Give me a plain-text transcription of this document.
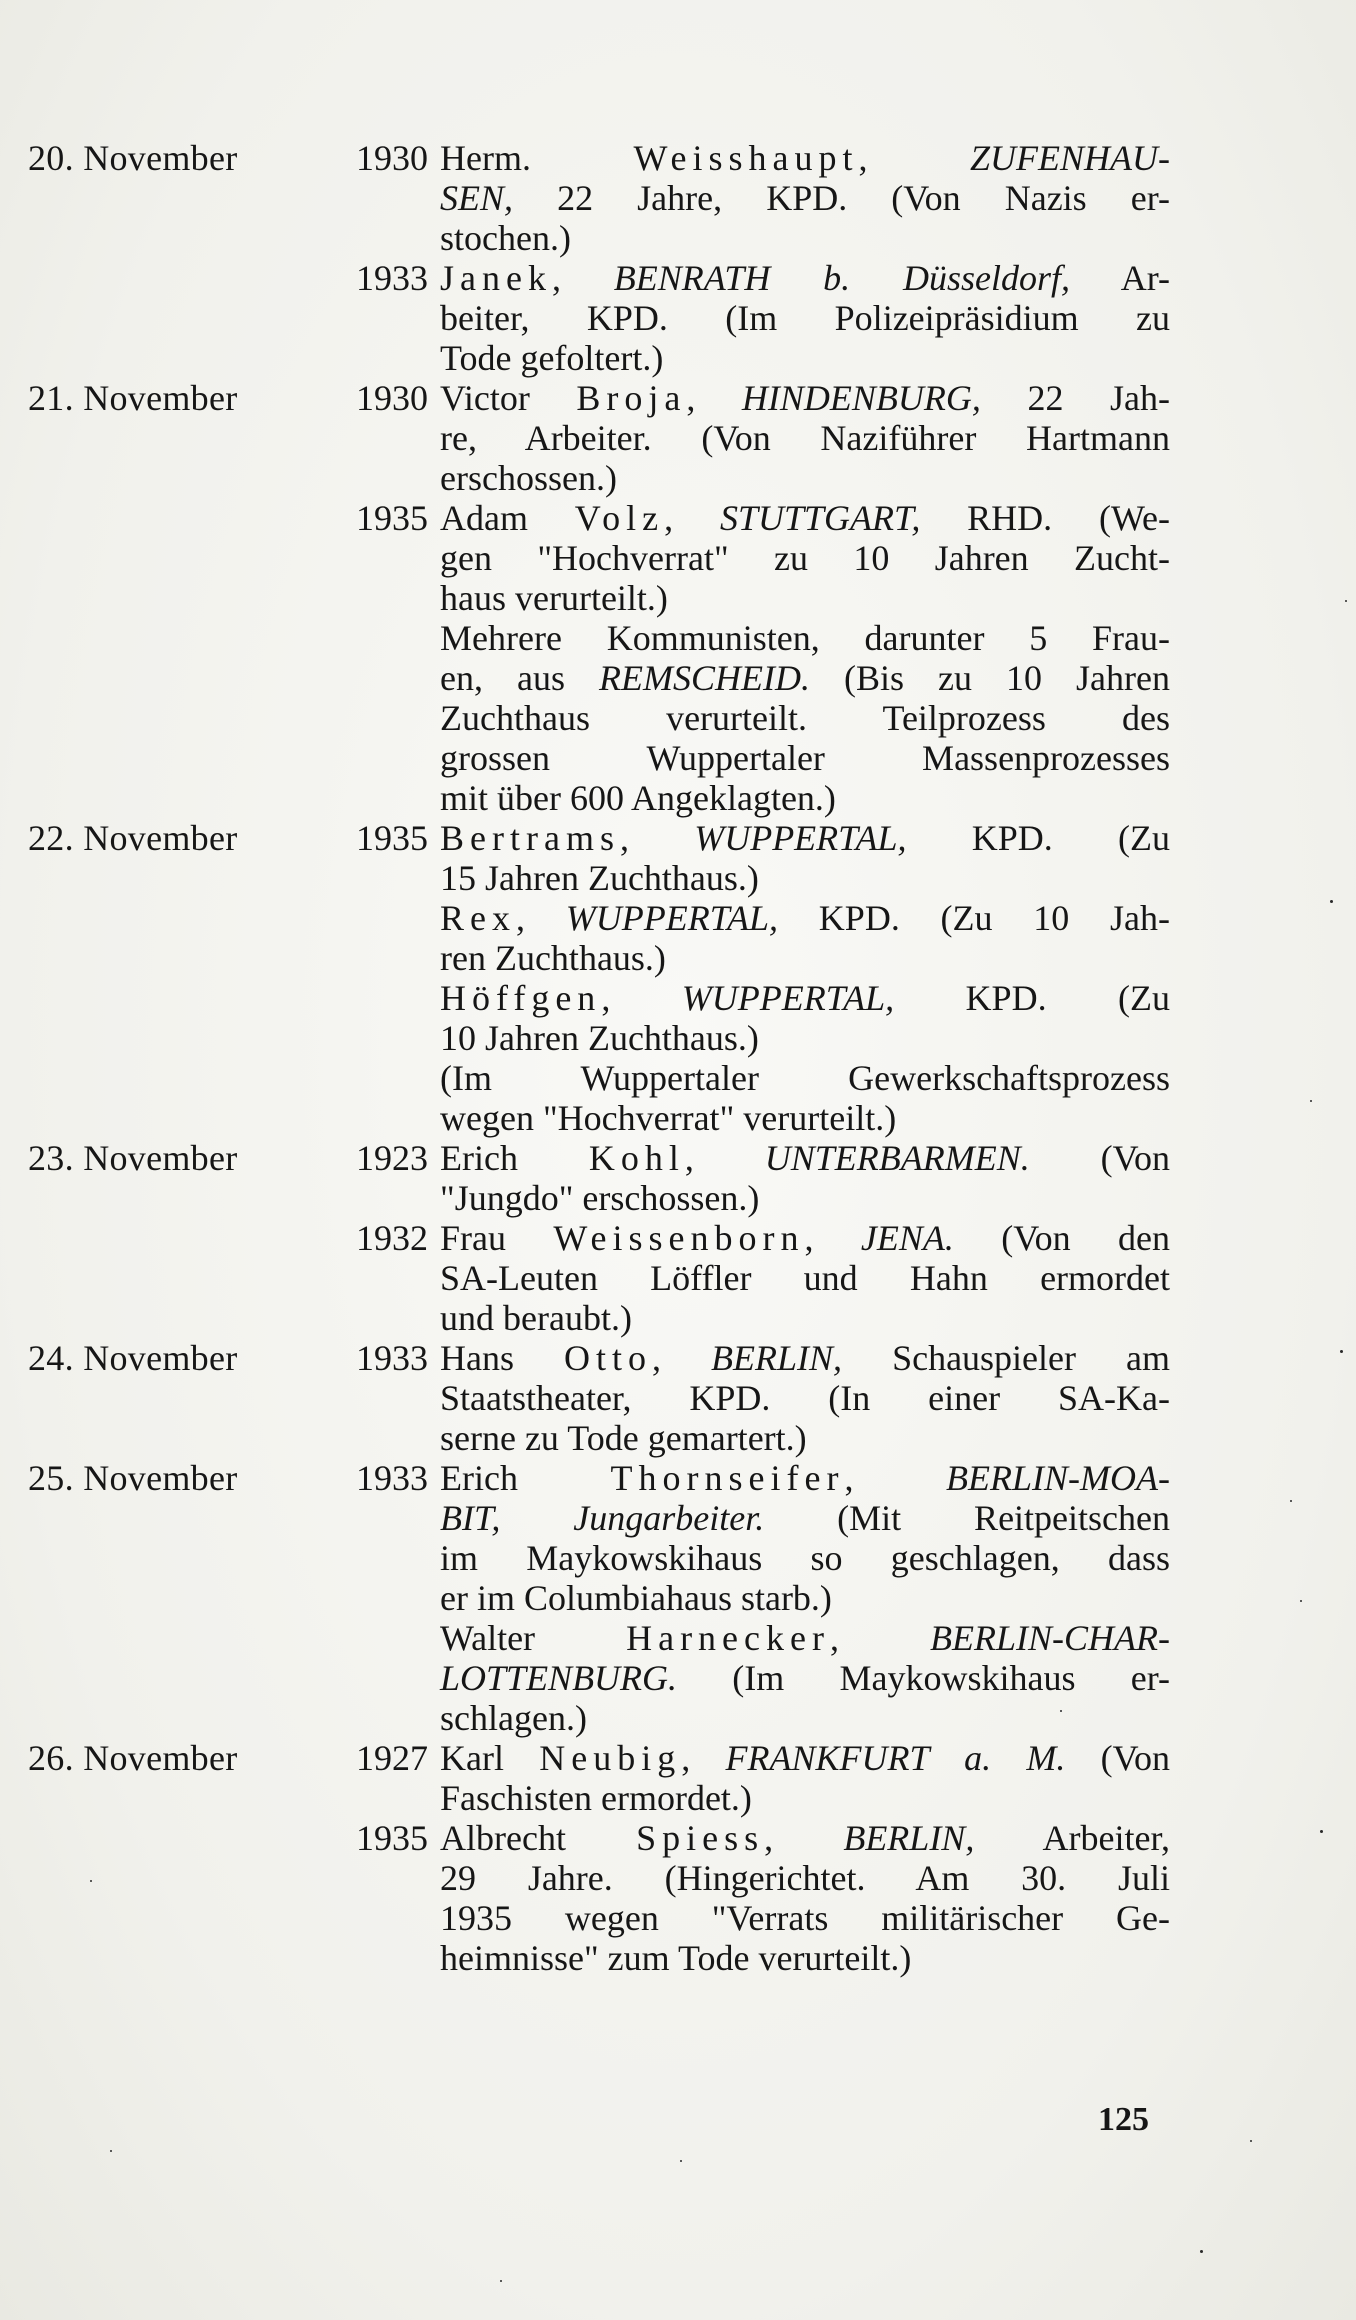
20. November	1930 Herm. Weisshaupt, ZUFENHAU-
SEN, 22 Jahre, KPD. (Von Nazis er-
stochen.)
1933 Janek, BENRATH b. Düsseldorf, Ar-
beiter, KPD. (Im Polizeipräsidium zu
Tode gefoltert.)
21. November	1930 Victor Broja, HINDENBURG, 22 Jah-
re, Arbeiter. (Von Naziführer Hartmann
erschossen.)
1935 Adam Volz, STUTTGART, RHD. (We-
gen "Hochverrat" zu 10 Jahren Zucht-
haus verurteilt.)
Mehrere Kommunisten, darunter 5 Frau-
en, aus REMSCHEID. (Bis zu 10 Jahren
Zuchthaus verurteilt. Teilprozess des
grossen Wuppertaler Massenprozesses
mit über 600 Angeklagten.)
22. November	1935 Bertrams, WUPPERTAL, KPD. (Zu
15 Jahren Zuchthaus.)
Rex, WUPPERTAL, KPD. (Zu 10 Jah-
ren Zuchthaus.)
Höffgen, WUPPERTAL, KPD. (Zu
10 Jahren Zuchthaus.)
(Im Wuppertaler Gewerkschaftsprozess
wegen "Hochverrat" verurteilt.)
23. November	1923 Erich Kohl, UNTERBARMEN. (Von
"Jungdo" erschossen.)
1932 Frau Weissenborn, JENA. (Von den
SA-Leuten Löffler und Hahn ermordet
und beraubt.)
24. November	1933 Hans Otto, BERLIN, Schauspieler am
Staatstheater, KPD. (In einer SA-Ka-
serne zu Tode gemartert.)
25. November	1933 Erich Thornseifer, BERLIN-MOA-
BIT, Jungarbeiter. (Mit Reitpeitschen
im Maykowskihaus so geschlagen, dass
er im Columbiahaus starb.)
Walter Harnecker, BERLIN-CHAR-
LOTTENBURG. (Im Maykowskihaus er-
schlagen.)
26. November	1927 Karl Neubig, FRANKFURT a. M. (Von
Faschisten ermordet.)
1935 Albrecht Spiess, BERLIN, Arbeiter,
29 Jahre. (Hingerichtet. Am 30. Juli
1935 wegen "Verrats militärischer Ge-
heimnisse" zum Tode verurteilt.)
125
